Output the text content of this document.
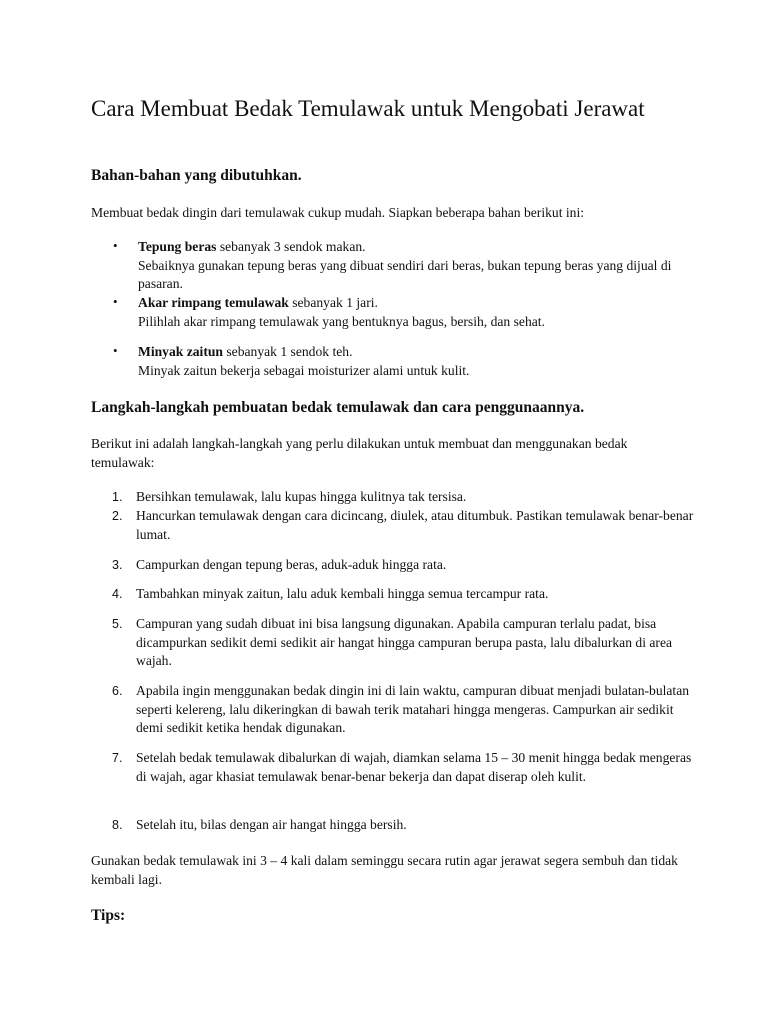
Cara Membuat Bedak Temulawak untuk Mengobati Jerawat
Bahan-bahan yang dibutuhkan.
Membuat bedak dingin dari temulawak cukup mudah. Siapkan beberapa bahan berikut ini:
• Tepung beras sebanyak 3 sendok makan.
Sebaiknya gunakan tepung beras yang dibuat sendiri dari beras, bukan tepung beras yang dijual di pasaran.
• Akar rimpang temulawak sebanyak 1 jari.
Pilihlah akar rimpang temulawak yang bentuknya bagus, bersih, dan sehat.
• Minyak zaitun sebanyak 1 sendok teh.
Minyak zaitun bekerja sebagai moisturizer alami untuk kulit.
Langkah-langkah pembuatan bedak temulawak dan cara penggunaannya.
Berikut ini adalah langkah-langkah yang perlu dilakukan untuk membuat dan menggunakan bedak temulawak:
1. Bersihkan temulawak, lalu kupas hingga kulitnya tak tersisa.
2. Hancurkan temulawak dengan cara dicincang, diulek, atau ditumbuk. Pastikan temulawak benar-benar lumat.
3. Campurkan dengan tepung beras, aduk-aduk hingga rata.
4. Tambahkan minyak zaitun, lalu aduk kembali hingga semua tercampur rata.
5. Campuran yang sudah dibuat ini bisa langsung digunakan. Apabila campuran terlalu padat, bisa dicampurkan sedikit demi sedikit air hangat hingga campuran berupa pasta, lalu dibalurkan di area wajah.
6. Apabila ingin menggunakan bedak dingin ini di lain waktu, campuran dibuat menjadi bulatan-bulatan seperti kelereng, lalu dikeringkan di bawah terik matahari hingga mengeras. Campurkan air sedikit demi sedikit ketika hendak digunakan.
7. Setelah bedak temulawak dibalurkan di wajah, diamkan selama 15 – 30 menit hingga bedak mengeras di wajah, agar khasiat temulawak benar-benar bekerja dan dapat diserap oleh kulit.
8. Setelah itu, bilas dengan air hangat hingga bersih.
Gunakan bedak temulawak ini 3 – 4 kali dalam seminggu secara rutin agar jerawat segera sembuh dan tidak kembali lagi.
Tips:
